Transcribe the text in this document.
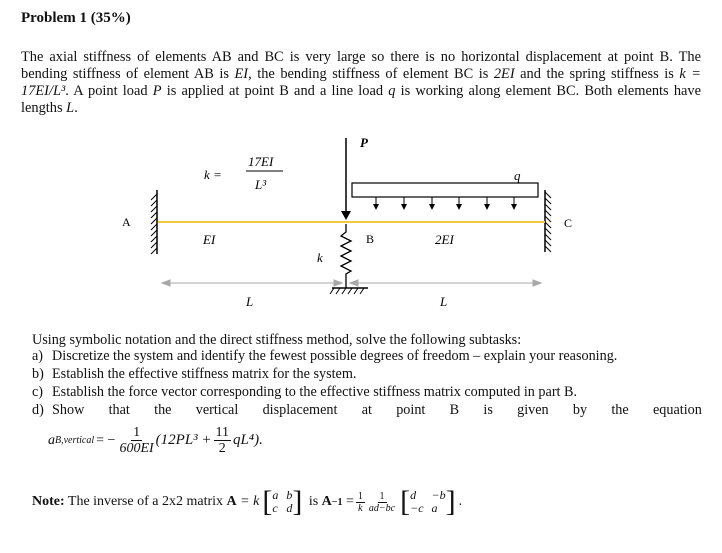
Problem 1 (35%)
The axial stiffness of elements AB and BC is very large so there is no horizontal displacement at point B. The bending stiffness of element AB is EI, the bending stiffness of element BC is 2EI and the spring stiffness is k = 17EI/L³. A point load P is applied at point B and a line load q is working along element BC. Both elements have lengths L.
P
q
k
A
B
C
EI	2EI
k =
17EI
L³
L	L
Using symbolic notation and the direct stiffness method, solve the following subtasks:
a) Discretize the system and identify the fewest possible degrees of freedom – explain your reasoning.
b) Establish the effective stiffness matrix for the system.
c) Establish the force vector corresponding to the effective stiffness matrix computed in part B.
d) Show that the vertical displacement at point B is given by the equation
a B,vertical = − $\frac{1}{600EI} (12PL^3 + \frac{11}{2} qL^4)$.
Note: The inverse of a 2x2 matrix A = k [ a b
c d ] is $A -1 = \frac{1}{k} \frac{1}{ad-bc}$ [ d	−b
−c a ] .
